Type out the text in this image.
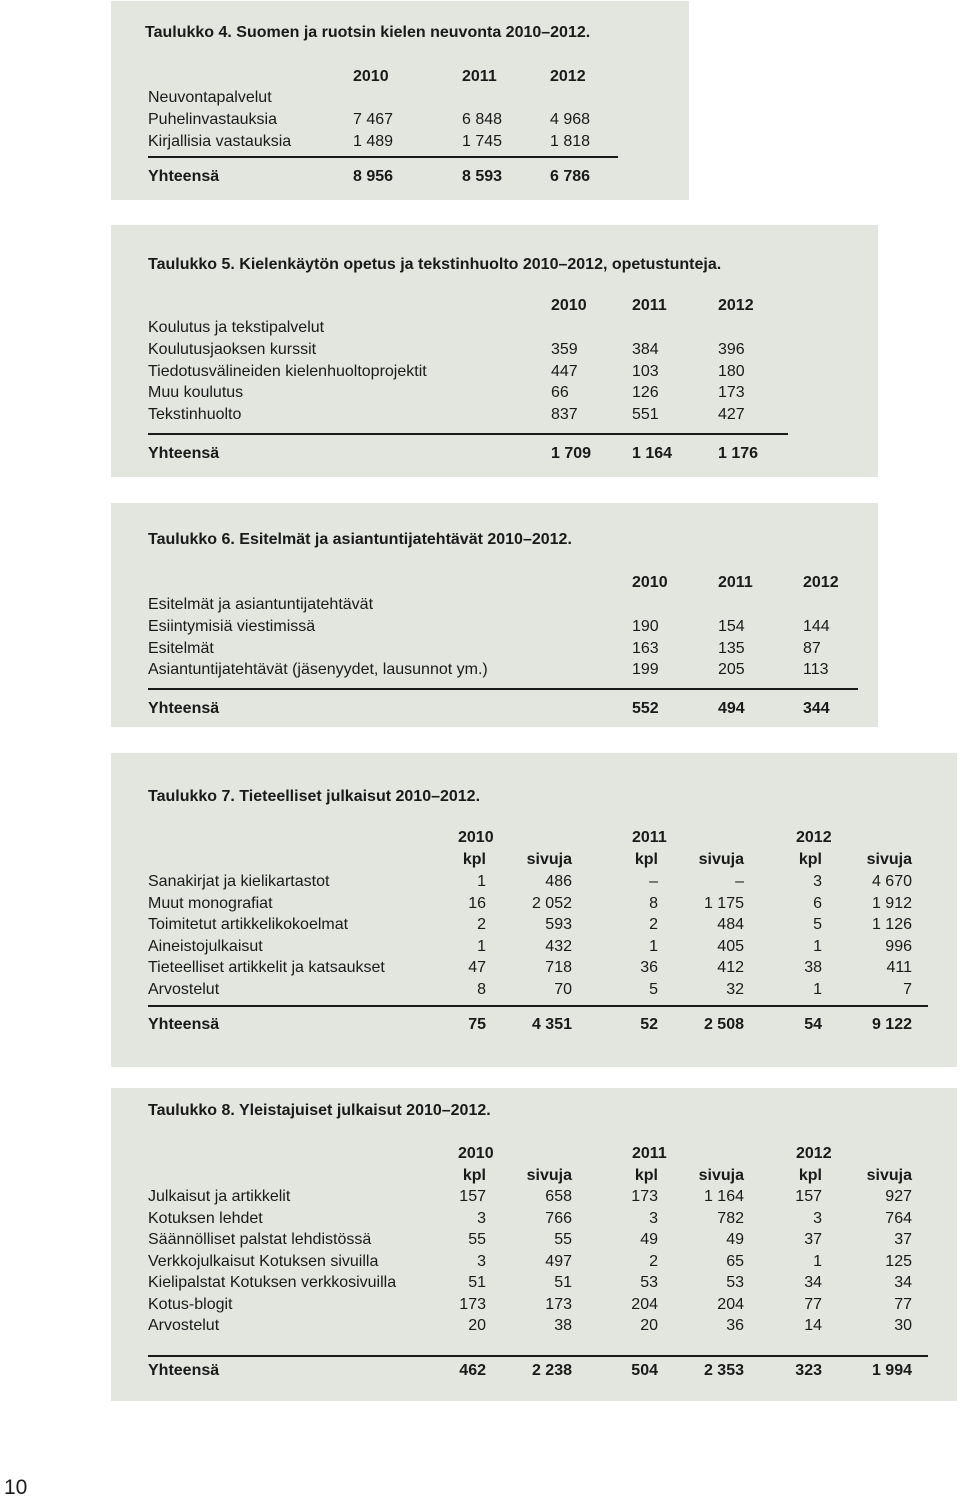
Taulukko 4. Suomen ja ruotsin kielen neuvonta 2010–2012.
2010	2011	2012
Neuvontapalvelut
Puhelinvastauksia	7 467	6 848	4 968
Kirjallisia vastauksia	1 489	1 745	1 818
Yhteensä	8 956	8 593	6 786
Taulukko 5. Kielenkäytön opetus ja tekstinhuolto 2010–2012, opetustunteja.
2010	2011	2012
Koulutus ja tekstipalvelut
Koulutusjaoksen kurssit	359	384	396
Tiedotusvälineiden kielenhuoltoprojektit	447	103	180
Muu koulutus	66	126	173
Tekstinhuolto	837	551	427
Yhteensä	1 709	1 164	1 176
Taulukko 6. Esitelmät ja asiantuntijatehtävät 2010–2012.
2010	2011	2012
Esitelmät ja asiantuntijatehtävät
Esiintymisiä viestimissä	190	154	144
Esitelmät	163	135	87
Asiantuntijatehtävät (jäsenyydet, lausunnot ym.)	199	205	113
Yhteensä	552	494	344
Taulukko 7. Tieteelliset julkaisut 2010–2012.
2010	2011	2012
kpl	sivuja	kpl	sivuja	kpl	sivuja
Sanakirjat ja kielikartastot	1	486	–	–	3	4 670
Muut monografiat	16	2 052	8	1 175	6	1 912
Toimitetut artikkelikokoelmat	2	593	2	484	5	1 126
Aineistojulkaisut	1	432	1	405	1	996
Tieteelliset artikkelit ja katsaukset	47	718	36	412	38	411
Arvostelut	8	70	5	32	1	7
Yhteensä	75	4 351	52	2 508	54	9 122
Taulukko 8. Yleistajuiset julkaisut 2010–2012.
2010	2011	2012
kpl	sivuja	kpl	sivuja	kpl	sivuja
Julkaisut ja artikkelit	157	658	173	1 164	157	927
Kotuksen lehdet	3	766	3	782	3	764
Säännölliset palstat lehdistössä	55	55	49	49	37	37
Verkkojulkaisut Kotuksen sivuilla	3	497	2	65	1	125
Kielipalstat Kotuksen verkkosivuilla	51	51	53	53	34	34
Kotus-blogit	173	173	204	204	77	77
Arvostelut	20	38	20	36	14	30
Yhteensä	462	2 238	504	2 353	323	1 994
10
